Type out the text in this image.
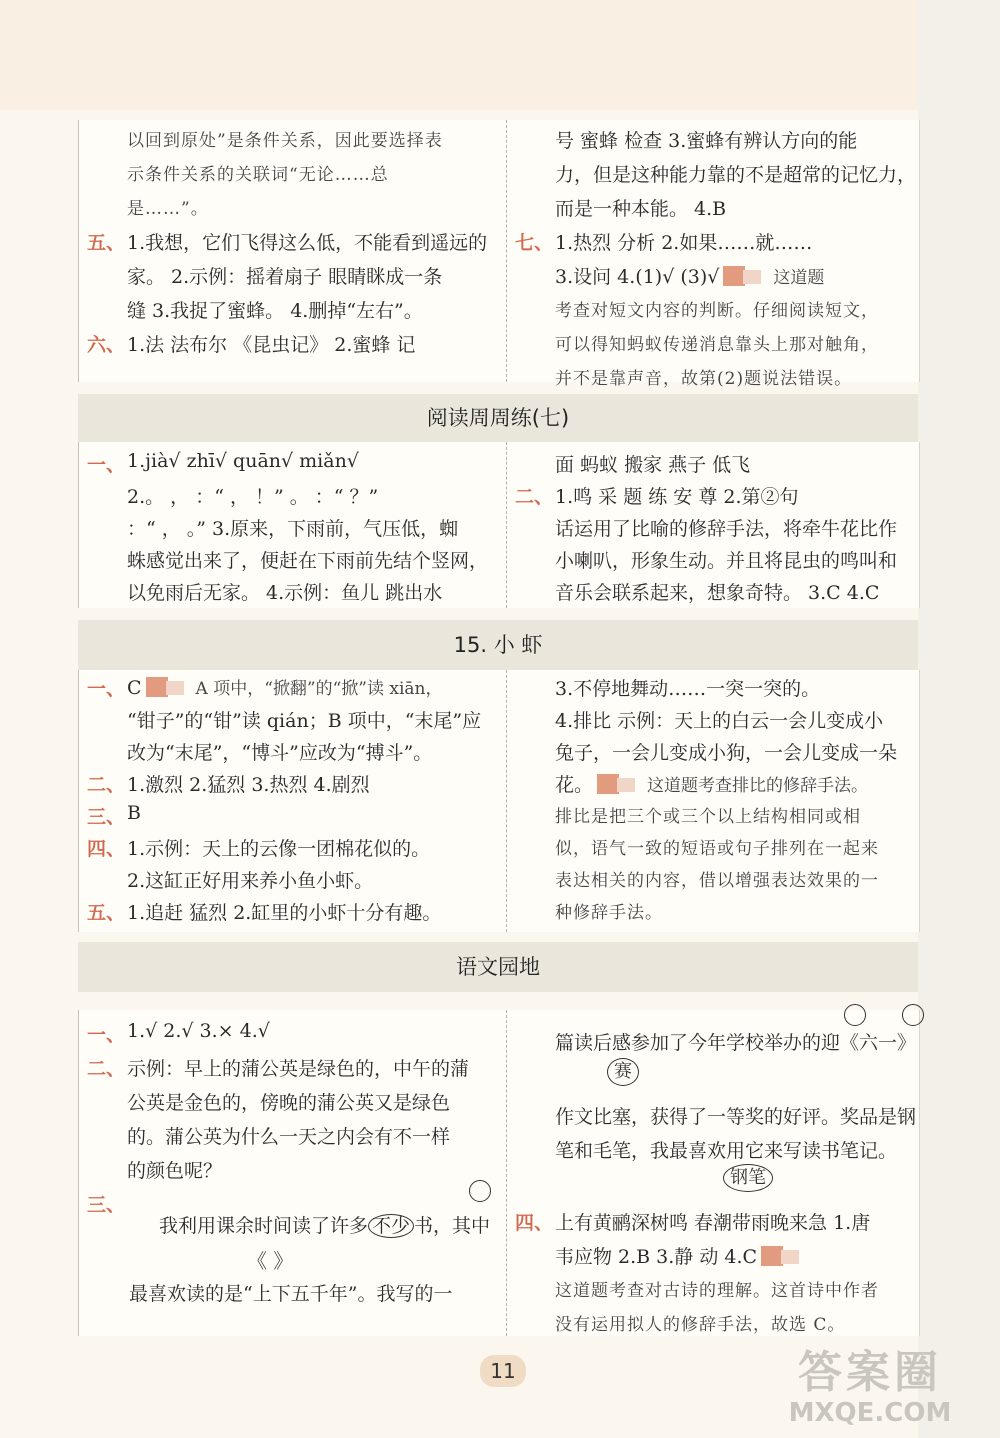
以回到原处”是条件关系，因此要选择表
示条件关系的关联词“无论……总
是……”。
五、 1.我想，它们飞得这么低，不能看到遥远的
家。 2.示例：摇着扇子 眼睛眯成一条
缝 3.我捉了蜜蜂。 4.删掉“左右”。
六、 1.法 法布尔 《昆虫记》 2.蜜蜂 记
号 蜜蜂 检查 3.蜜蜂有辨认方向的能
力，但是这种能力靠的不是超常的记忆力，
而是一种本能。 4.B
七、 1.热烈 分析 2.如果……就……
3.设问 4.(1)√ (3)√	这道题
考查对短文内容的判断。仔细阅读短文，
可以得知蚂蚁传递消息靠头上那对触角，
并不是靠声音，故第(2)题说法错误。
阅读周周练(七)
一、 1.jià√ zhī√ quān√ miǎn√
2.。 ， ：“ ， ！” 。 ：“ ？”
：“ ， 。” 3.原来，下雨前，气压低，蜘
蛛感觉出来了，便赶在下雨前先结个竖网，
以免雨后无家。 4.示例：鱼儿 跳出水
面 蚂蚁 搬家 燕子 低飞
二、 1.鸣 采 题 练 安 尊 2.第②句
话运用了比喻的修辞手法，将牵牛花比作
小喇叭，形象生动。并且将昆虫的鸣叫和
音乐会联系起来，想象奇特。 3.C 4.C
15. 小 虾
一、 C	A 项中，“掀翻”的“掀”读 xiān，
“钳子”的“钳”读 qián；B 项中，“末尾”应
改为“末尾”，“博斗”应改为“搏斗”。
二、 1.激烈 2.猛烈 3.热烈 4.剧烈
三、 B
四、 1.示例：天上的云像一团棉花似的。
2.这缸正好用来养小鱼小虾。
五、 1.追赶 猛烈 2.缸里的小虾十分有趣。
3.不停地舞动……一突一突的。
4.排比 示例：天上的白云一会儿变成小
兔子，一会儿变成小狗，一会儿变成一朵
花。	这道题考查排比的修辞手法。
排比是把三个或三个以上结构相同或相
似，语气一致的短语或句子排列在一起来
表达相关的内容，借以增强表达效果的一
种修辞手法。
语文园地
一、 1.√ 2.√ 3.× 4.√
二、 示例：早上的蒲公英是绿色的，中午的蒲
公英是金色的，傍晚的蒲公英又是绿色
的。蒲公英为什么一天之内会有不一样
的颜色呢？
三、
篇读后感参加了今年学校举办的迎《六一》
作文比塞，获得了一等奖的好评。奖品是钢
笔和毛笔，我最喜欢用它来写读书笔记。
四、 上有黄鹂深树鸣 春潮带雨晚来急 1.唐
韦应物 2.B 3.静 动 4.C
这道题考查对古诗的理解。这首诗中作者
没有运用拟人的修辞手法，故选 C。
我利用课余时间读了许多 不少 书，其中
《 》
最喜欢读的是“上下五千年”。我写的一
赛
钢笔
11	答案圈
MXQE.COM
